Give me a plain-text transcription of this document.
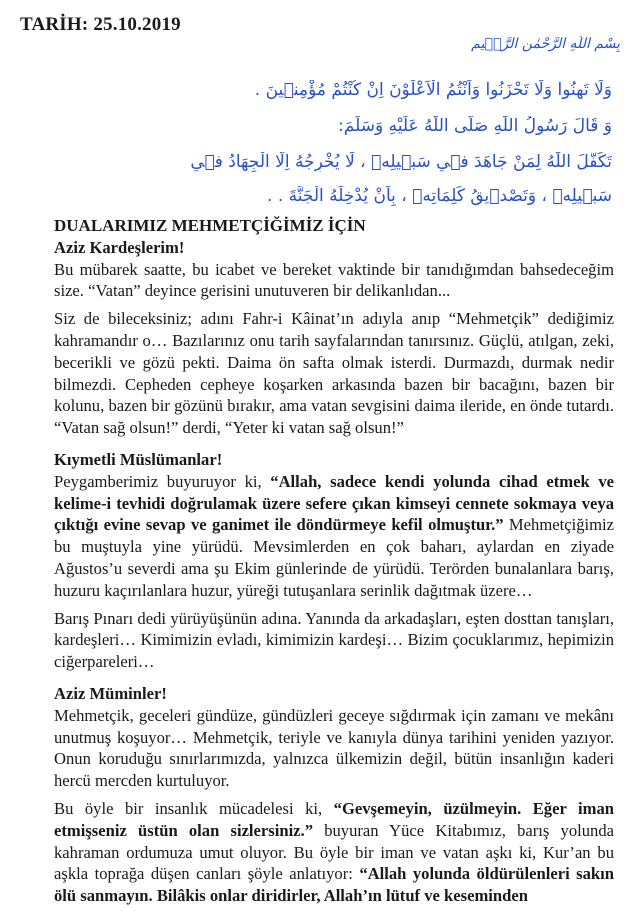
TARİH: 25.10.2019
بِسْمِ اللّٰهِ الرَّحْمٰنِ الرَّح۪يمِ
وَلَا تَهِنُوا وَلَا تَحْزَنُوا وَاَنْتُمُ الْاَعْلَوْنَ اِنْ كُنْتُمْ مُؤْمِن۪ينَ .
وَ قَالَ رَسُولُ اللّٰهِ صَلَّى اللّٰهُ عَلَيْهِ وَسَلَّمَ:
تَكَفَّلَ اللّٰهُ لِمَنْ جَاهَدَ ف۪ي سَب۪يلِه۪ ، لَا يُخْرِجُهُ اِلَّا الْجِهَادُ ف۪ي
سَب۪يلِه۪ ، وَتَصْد۪يقُ كَلِمَاتِه۪ ، بِاَنْ يُدْخِلَهُ الْجَنَّةَ . .

DUALARIMIZ MEHMETÇİĞİMİZ İÇİN

Aziz Kardeşlerim!

Bu mübarek saatte, bu icabet ve bereket vaktinde bir tanıdığımdan bahsedeceğim size. “Vatan” deyince gerisini unutuveren bir delikanlıdan...

Siz de bileceksiniz; adını Fahr-i Kâinat’ın adıyla anıp “Mehmetçik” dediğimiz kahramandır o… Bazılarınız onu tarih sayfalarından tanırsınız. Güçlü, atılgan, zeki, becerikli ve gözü pekti. Daima ön safta olmak isterdi. Durmazdı, durmak nedir bilmezdi. Cepheden cepheye koşarken arkasında bazen bir bacağını, bazen bir kolunu, bazen bir gözünü bırakır, ama vatan sevgisini daima ileride, en önde tutardı. “Vatan sağ olsun!” derdi, “Yeter ki vatan sağ olsun!”

Kıymetli Müslümanlar!

Peygamberimiz buyuruyor ki, “Allah, sadece kendi yolunda cihad etmek ve kelime-i tevhidi doğrulamak üzere sefere çıkan kimseyi cennete sokmaya veya çıktığı evine sevap ve ganimet ile döndürmeye kefil olmuştur.” Mehmetçiğimiz bu muştuyla yine yürüdü. Mevsimlerden en çok baharı, aylardan en ziyade Ağustos’u severdi ama şu Ekim günlerinde de yürüdü. Terörden bunalanlara barış, huzuru kaçırılanlara huzur, yüreği tutuşanlara serinlik dağıtmak üzere…

Barış Pınarı dedi yürüyüşünün adına. Yanında da arkadaşları, eşten dosttan tanışları, kardeşleri… Kimimizin evladı, kimimizin kardeşi… Bizim çocuklarımız, hepimizin ciğerpareleri…

Aziz Müminler!

Mehmetçik, geceleri gündüze, gündüzleri geceye sığdırmak için zamanı ve mekânı unutmuş koşuyor… Mehmetçik, teriyle ve kanıyla dünya tarihini yeniden yazıyor. Onun koruduğu sınırlarımızda, yalnızca ülkemizin değil, bütün insanlığın kaderi hercü mercden kurtuluyor.

Bu öyle bir insanlık mücadelesi ki, “Gevşemeyin, üzülmeyin. Eğer iman etmişseniz üstün olan sizlersiniz.” buyuran Yüce Kitabımız, barış yolunda kahraman ordumuza umut oluyor. Bu öyle bir iman ve vatan aşkı ki, Kur’an bu aşkla toprağa düşen canları şöyle anlatıyor: “Allah yolunda öldürülenleri sakın ölü sanmayın. Bilâkis onlar diridirler, Allah’ın lütuf ve keseminden
